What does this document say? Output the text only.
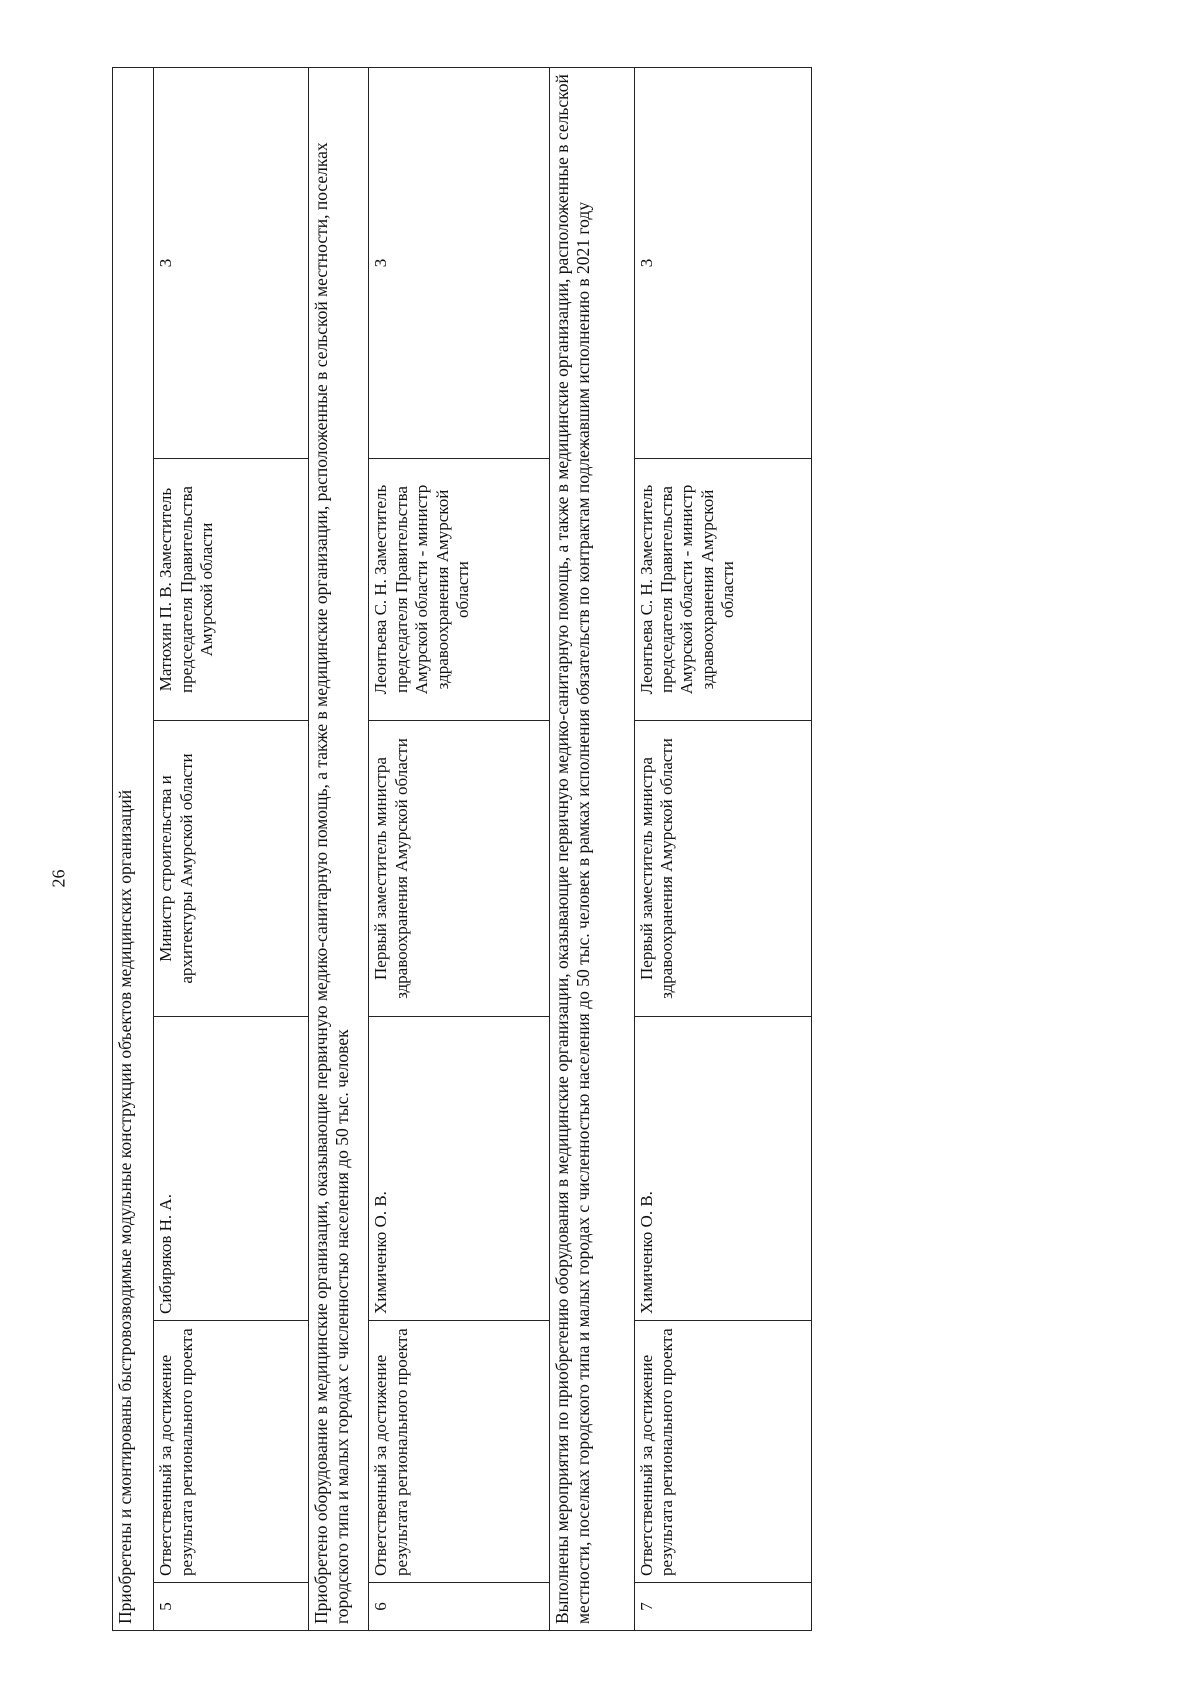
26	Приобретены и смонтированы быстровозводимые модульные конструкции объектов медицинских организаций					
5	Ответственный за достижение результата регионального проекта	Сибиряков Н. А.	Министр строительства и архитектуры Амурской области	Матюхин П. В. Заместитель председателя Правительства Амурской области	3
Приобретено оборудование в медицинские организации, оказывающие первичную медико-санитарную помощь, а также в медицинские организации, расположенные в сельской местности, поселках городского типа и малых городах с численностью населения до 50 тыс. человек					
6	Ответственный за достижение результата регионального проекта	Химиченко О. В.	Первый заместитель министра здравоохранения Амурской области	Леонтьева С. Н. Заместитель председателя Правительства Амурской области - министр здравоохранения Амурской области	3
Выполнены мероприятия по приобретению оборудования в медицинские организации, оказывающие первичную медико-санитарную помощь, а также в медицинские организации, расположенные в сельской местности, поселках городского типа и малых городах с численностью населения до 50 тыс. человек в рамках исполнения обязательств по контрактам подлежавшим исполнению в 2021 году					
7	Ответственный за достижение результата регионального проекта	Химиченко О. В.	Первый заместитель министра здравоохранения Амурской области	Леонтьева С. Н. Заместитель председателя Правительства Амурской области - министр здравоохранения Амурской области	3
